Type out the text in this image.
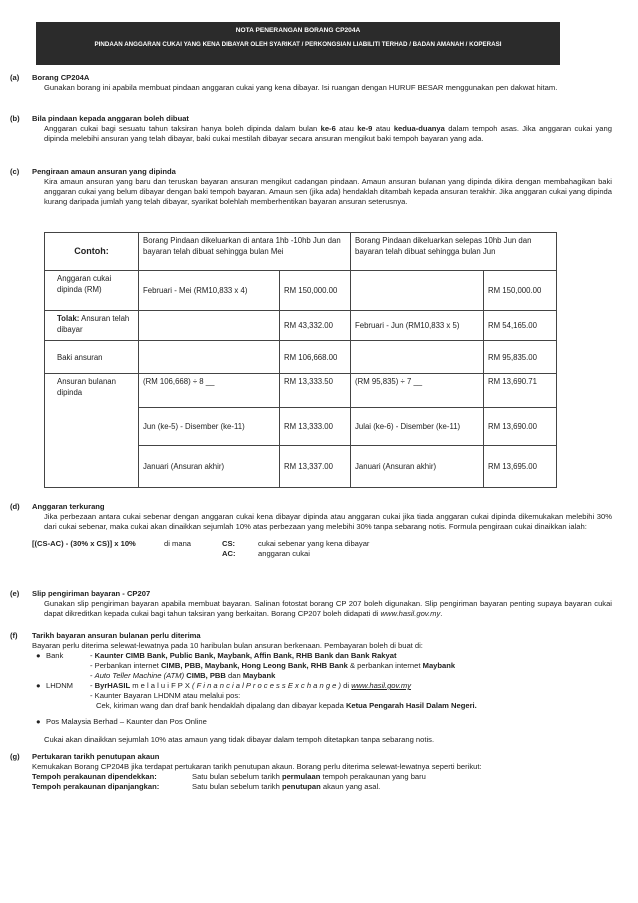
NOTA PENERANGAN BORANG CP204A
PINDAAN ANGGARAN CUKAI YANG KENA DIBAYAR OLEH SYARIKAT / PERKONGSIAN LIABILITI TERHAD / BADAN AMANAH / KOPERASI
(a) Borang CP204A
Gunakan borang ini apabila membuat pindaan anggaran cukai yang kena dibayar. Isi ruangan dengan HURUF BESAR menggunakan pen dakwat hitam.
(b) Bila pindaan kepada anggaran boleh dibuat
Anggaran cukai bagi sesuatu tahun taksiran hanya boleh dipinda dalam bulan ke-6 atau ke-9 atau kedua-duanya dalam tempoh asas. Jika anggaran cukai yang dipinda melebihi ansuran yang telah dibayar, baki cukai mestilah dibayar secara ansuran mengikut baki tempoh bayaran yang ada.
(c) Pengiraan amaun ansuran yang dipinda
Kira amaun ansuran yang baru dan teruskan bayaran ansuran mengikut cadangan pindaan. Amaun ansuran bulanan yang dipinda dikira dengan membahagikan baki anggaran cukai yang belum dibayar dengan baki tempoh bayaran. Amaun sen (jika ada) hendaklah ditambah kepada ansuran terakhir. Jika anggaran cukai yang dipinda kurang daripada jumlah yang telah dibayar, syarikat bolehlah memberhentikan bayaran ansuran seterusnya.
Contoh:	Borang Pindaan dikeluarkan di antara 1hb -10hb Jun dan bayaran telah dibuat sehingga bulan Mei		Borang Pindaan dikeluarkan selepas 10hb Jun dan bayaran telah dibuat sehingga bulan Jun	
Anggaran cukai dipinda (RM)	Februari - Mei (RM10,833 x 4)	RM 150,000.00		RM 150,000.00
Tolak: Ansuran telah dibayar		RM 43,332.00	Februari - Jun (RM10,833 x 5)	RM 54,165.00
Baki ansuran		RM 106,668.00		RM 95,835.00
Ansuran bulanan dipinda	(RM 106,668) ÷ 8 __	RM 13,333.50	(RM 95,835) ÷ 7 __	RM 13,690.71
	Jun (ke-5) - Disember (ke-11)	RM 13,333.00	Julai (ke-6) - Disember (ke-11)	RM 13,690.00
	Januari (Ansuran akhir)	RM 13,337.00	Januari (Ansuran akhir)	RM 13,695.00
(d) Anggaran terkurang
Jika perbezaan antara cukai sebenar dengan anggaran cukai kena dibayar dipinda atau anggaran cukai jika tiada anggaran cukai dipinda dikemukakan melebihi 30% dari cukai sebenar, maka cukai akan dinaikkan sejumlah 10% atas perbezaan yang melebihi 30% tanpa sebarang notis. Formula pengiraan cukai dinaikkan ialah:
[(CS-AC) - (30% x CS)] x 10%	di mana	CS:	cukai sebenar yang kena dibayar
AC:	anggaran cukai
(e) Slip pengiriman bayaran - CP207
Gunakan slip pengiriman bayaran apabila membuat bayaran. Salinan fotostat borang CP 207 boleh digunakan. Slip pengiriman bayaran penting supaya bayaran cukai dapat dikreditkan kepada cukai bagi tahun taksiran yang berkaitan. Borang CP207 boleh didapati di www.hasil.gov.my.
(f) Tarikh bayaran ansuran bulanan perlu diterima
Bayaran perlu diterima selewat-lewatnya pada 10 haribulan bulan ansuran berkenaan. Pembayaran boleh di buat di:
● Bank	- Kaunter CIMB Bank, Public Bank, Maybank, Affin Bank, RHB Bank dan Bank Rakyat
- Perbankan internet CIMB, PBB, Maybank, Hong Leong Bank, RHB Bank & perbankan internet Maybank
- Auto Teller Machine (ATM) CIMB, PBB dan Maybank
● LHDNM - ByrHASIL m e l a l u i F P X ( F i n a n c i a l P r o c e s s E x c h a n g e ) di www.hasil.gov.my
- Kaunter Bayaran LHDNM atau melalui pos:
Cek, kiriman wang dan draf bank hendaklah dipalang dan dibayar kepada Ketua Pengarah Hasil Dalam Negeri.
● Pos Malaysia Berhad – Kaunter dan Pos Online
Cukai akan dinaikkan sejumlah 10% atas amaun yang tidak dibayar dalam tempoh ditetapkan tanpa sebarang notis.
(g) Pertukaran tarikh penutupan akaun
Kemukakan Borang CP204B jika terdapat pertukaran tarikh penutupan akaun. Borang perlu diterima selewat-lewatnya seperti berikut:
Tempoh perakaunan dipendekkan:	Satu bulan sebelum tarikh permulaan tempoh perakaunan yang baru
Tempoh perakaunan dipanjangkan:	Satu bulan sebelum tarikh penutupan akaun yang asal.
